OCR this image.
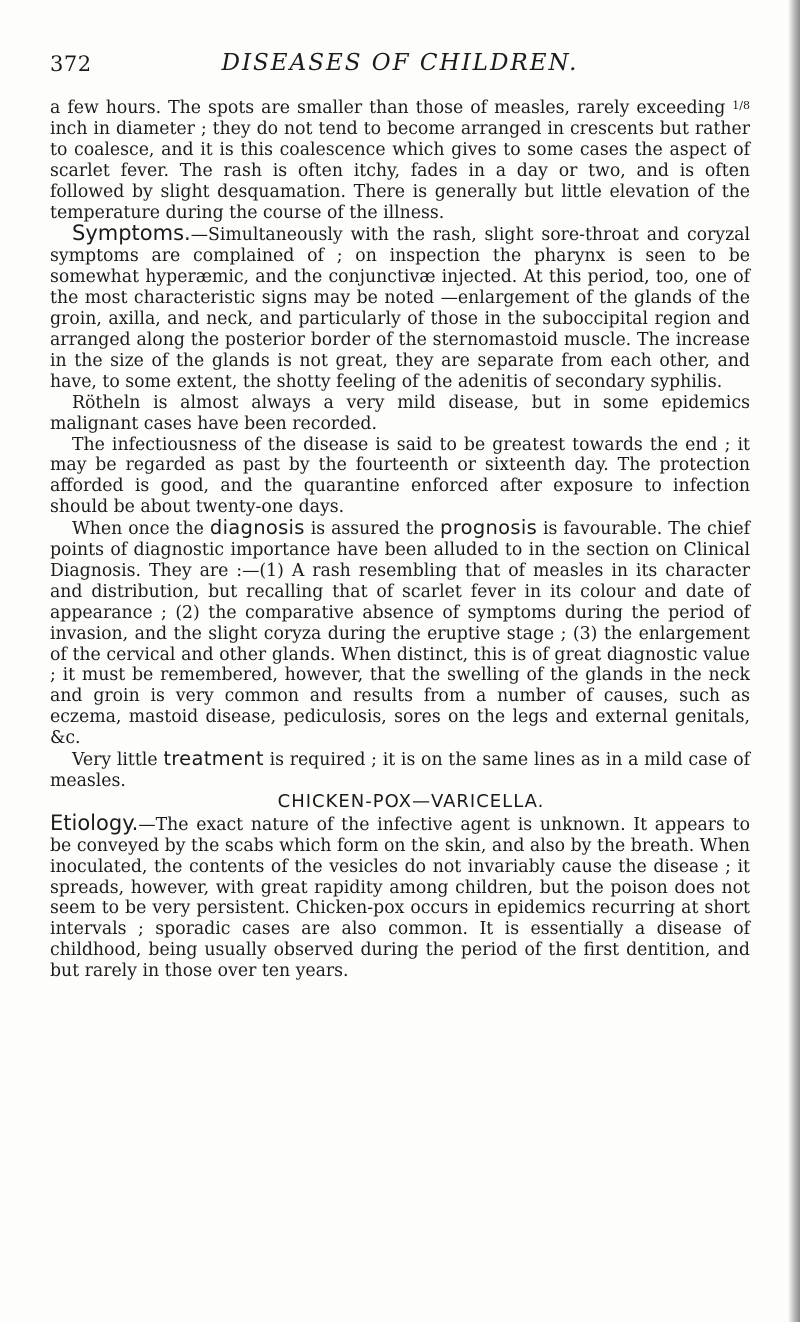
372	DISEASES OF CHILDREN.

a few hours. The spots are smaller than those of measles, rarely exceeding $^{1/8}$ inch in diameter ; they do not tend to become arranged in crescents but rather to coalesce, and it is this coalescence which gives to some cases the aspect of scarlet fever. The rash is often itchy, fades in a day or two, and is often followed by slight desquamation. There is generally but little elevation of the temperature during the course of the illness.

Symptoms.—Simultaneously with the rash, slight sore-throat and coryzal symptoms are complained of ; on inspection the pharynx is seen to be somewhat hyperæmic, and the conjunctivæ injected. At this period, too, one of the most characteristic signs may be noted —enlargement of the glands of the groin, axilla, and neck, and particularly of those in the suboccipital region and arranged along the posterior border of the sternomastoid muscle. The increase in the size of the glands is not great, they are separate from each other, and have, to some extent, the shotty feeling of the adenitis of secondary syphilis.

Rötheln is almost always a very mild disease, but in some epidemics malignant cases have been recorded.

The infectiousness of the disease is said to be greatest towards the end ; it may be regarded as past by the fourteenth or sixteenth day. The protection afforded is good, and the quarantine enforced after exposure to infection should be about twenty-one days.

When once the diagnosis is assured the prognosis is favourable. The chief points of diagnostic importance have been alluded to in the section on Clinical Diagnosis. They are :—(1) A rash resembling that of measles in its character and distribution, but recalling that of scarlet fever in its colour and date of appearance ; (2) the comparative absence of symptoms during the period of invasion, and the slight coryza during the eruptive stage ; (3) the enlargement of the cervical and other glands. When distinct, this is of great diagnostic value ; it must be remembered, however, that the swelling of the glands in the neck and groin is very common and results from a number of causes, such as eczema, mastoid disease, pediculosis, sores on the legs and external genitals, &c.

Very little treatment is required ; it is on the same lines as in a mild case of measles.

CHICKEN-POX—VARICELLA.

Etiology.—The exact nature of the infective agent is unknown. It appears to be conveyed by the scabs which form on the skin, and also by the breath. When inoculated, the contents of the vesicles do not invariably cause the disease ; it spreads, however, with great rapidity among children, but the poison does not seem to be very persistent. Chicken-pox occurs in epidemics recurring at short intervals ; sporadic cases are also common. It is essentially a disease of childhood, being usually observed during the period of the first dentition, and but rarely in those over ten years.
